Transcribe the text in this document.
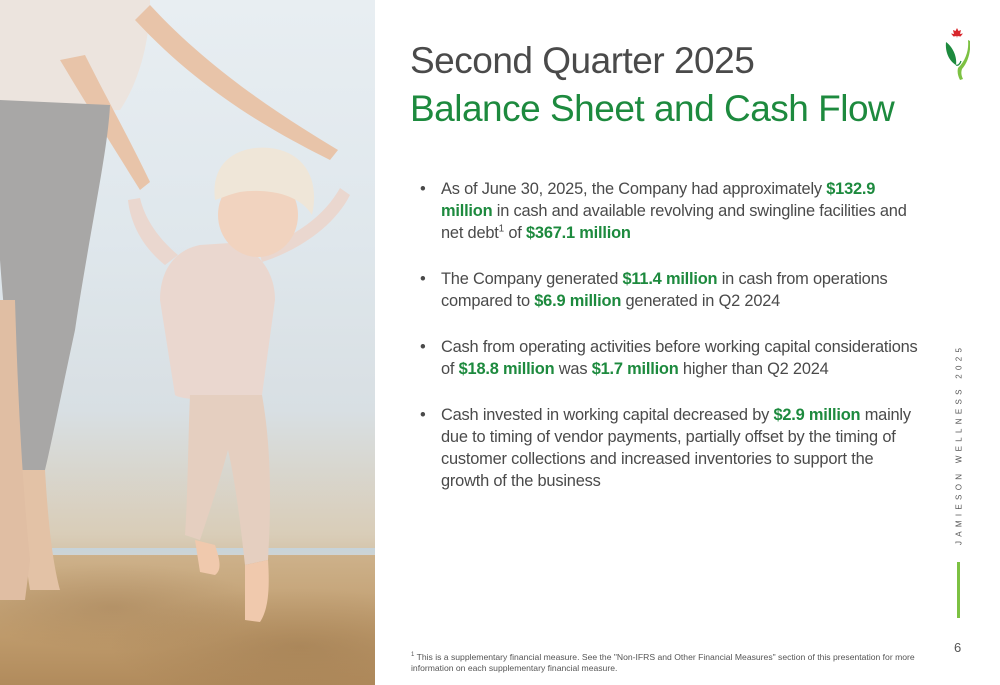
Second Quarter 2025
Balance Sheet and Cash Flow
• As of June 30, 2025, the Company had approximately $132.9 million in cash and available revolving and swingline facilities and net debt$^1$ of $367.1 million
• The Company generated $11.4 million in cash from operations compared to $6.9 million generated in Q2 2024
• Cash from operating activities before working capital considerations of $18.8 million was $1.7 million higher than Q2 2024
• Cash invested in working capital decreased by $2.9 million mainly due to timing of vendor payments, partially offset by the timing of customer collections and increased inventories to support the growth of the business	JAMIESON WELLNESS 2025
6
$^1$ This is a supplementary financial measure. See the "Non-IFRS and Other Financial Measures" section of this presentation for more information on each supplementary financial measure.
